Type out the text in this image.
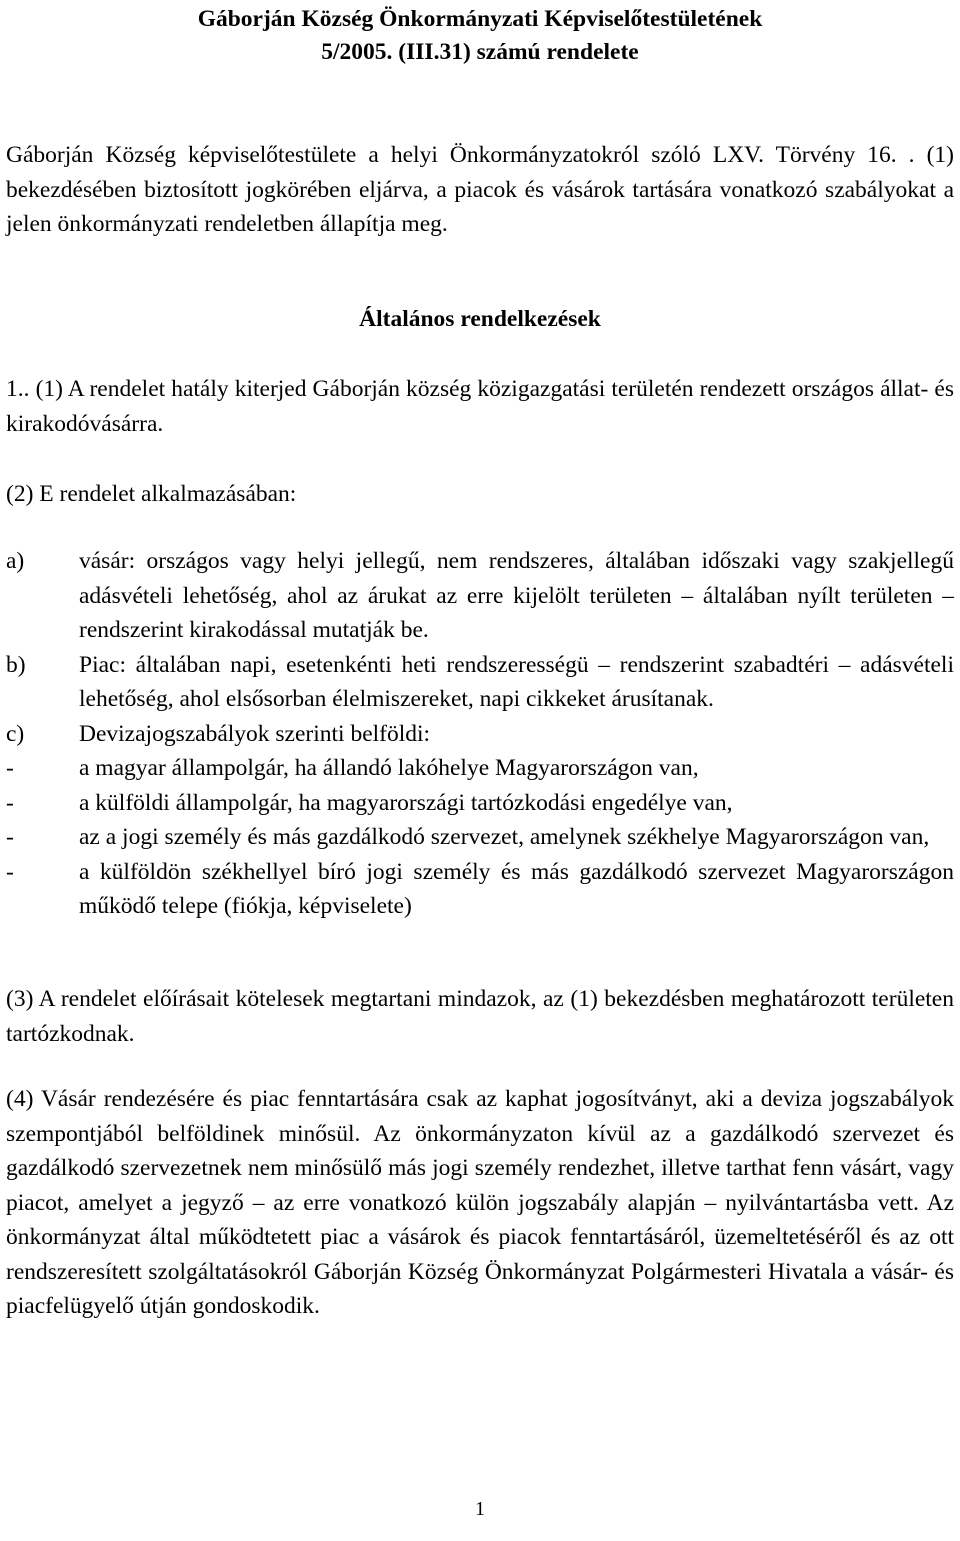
Gáborján Község Önkormányzati Képviselőtestületének
5/2005. (III.31) számú rendelete
Gáborján Község képviselőtestülete a helyi Önkormányzatokról szóló LXV. Törvény 16. . (1) bekezdésében biztosított jogkörében eljárva, a piacok és vásárok tartására vonatkozó szabályokat a jelen önkormányzati rendeletben állapítja meg.
Általános rendelkezések
1.. (1) A rendelet hatály kiterjed Gáborján község közigazgatási területén rendezett országos állat- és kirakodóvásárra.
(2) E rendelet alkalmazásában:
a)	vásár: országos vagy helyi jellegű, nem rendszeres, általában időszaki vagy szakjellegű adásvételi lehetőség, ahol az árukat az erre kijelölt területen – általában nyílt területen – rendszerint kirakodással mutatják be.
b)	Piac: általában napi, esetenkénti heti rendszerességü – rendszerint szabadtéri – adásvételi lehetőség, ahol elsősorban élelmiszereket, napi cikkeket árusítanak.
c)	Devizajogszabályok szerinti belföldi:
-	a magyar állampolgár, ha állandó lakóhelye Magyarországon van,
-	a külföldi állampolgár, ha magyarországi tartózkodási engedélye van,
-	az a jogi személy és más gazdálkodó szervezet, amelynek székhelye Magyarországon van,
-	a külföldön székhellyel bíró jogi személy és más gazdálkodó szervezet Magyarországon működő telepe (fiókja, képviselete)
(3) A rendelet előírásait kötelesek megtartani mindazok, az (1) bekezdésben meghatározott területen tartózkodnak.
(4) Vásár rendezésére és piac fenntartására csak az kaphat jogosítványt, aki a deviza jogszabályok szempontjából belföldinek minősül. Az önkormányzaton kívül az a gazdálkodó szervezet és gazdálkodó szervezetnek nem minősülő más jogi személy rendezhet, illetve tarthat fenn vásárt, vagy piacot, amelyet a jegyző – az erre vonatkozó külön jogszabály alapján – nyilvántartásba vett. Az önkormányzat által működtetett piac a vásárok és piacok fenntartásáról, üzemeltetéséről és az ott rendszeresített szolgáltatásokról Gáborján Község Önkormányzat Polgármesteri Hivatala a vásár- és piacfelügyelő útján gondoskodik.
1
